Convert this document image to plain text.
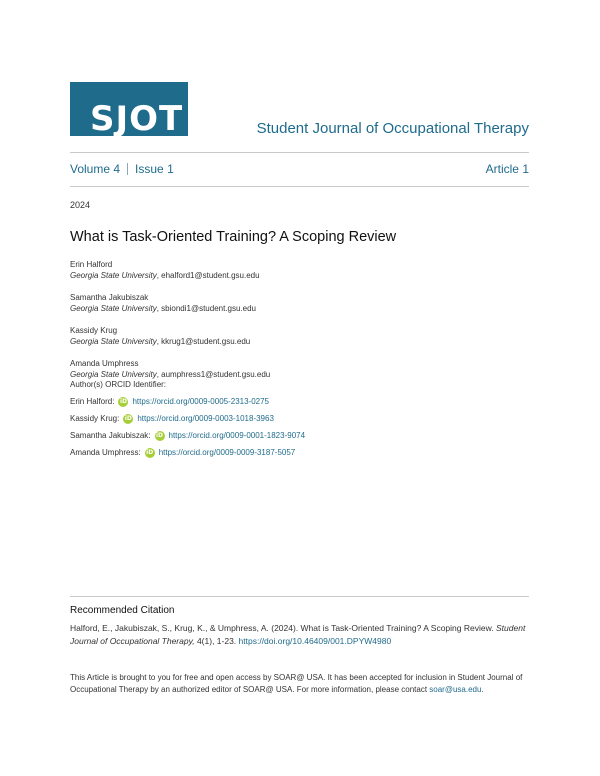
SJOT	Student Journal of Occupational Therapy
Volume 4 Issue 1	Article 1
2024
What is Task-Oriented Training? A Scoping Review
Erin Halford
Georgia State University, ehalford1@student.gsu.edu
Samantha Jakubiszak
Georgia State University, sbiondi1@student.gsu.edu
Kassidy Krug
Georgia State University, kkrug1@student.gsu.edu
Amanda Umphress
Georgia State University, aumphress1@student.gsu.edu
Author(s) ORCID Identifier:
Erin Halford: iD https://orcid.org/0009-0005-2313-0275
Kassidy Krug: iD https://orcid.org/0009-0003-1018-3963
Samantha Jakubiszak: iD https://orcid.org/0009-0001-1823-9074
Amanda Umphress: iD https://orcid.org/0009-0009-3187-5057
Recommended Citation
Halford, E., Jakubiszak, S., Krug, K., & Umphress, A. (2024). What is Task-Oriented Training? A Scoping Review. Student Journal of Occupational Therapy, 4(1), 1-23. https://doi.org/10.46409/001.DPYW4980
This Article is brought to you for free and open access by SOAR@ USA. It has been accepted for inclusion in Student Journal of Occupational Therapy by an authorized editor of SOAR@ USA. For more information, please contact soar@usa.edu.
